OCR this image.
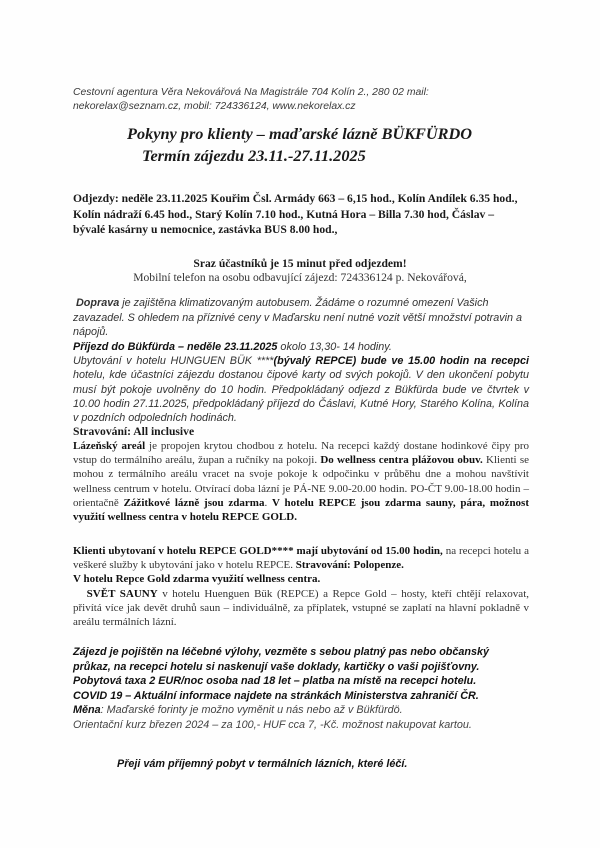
Cestovní agentura Věra Nekovářová Na Magistrále 704 Kolín 2., 280 02 mail:
nekorelax@seznam.cz, mobil: 724336124, www.nekorelax.cz
Pokyny pro klienty – maďarské lázně BÜKFÜRDO
Termín zájezdu 23.11.-27.11.2025

Odjezdy: neděle 23.11.2025 Kouřim Čsl. Armády 663 – 6,15 hod., Kolín Andílek 6.35 hod., Kolín nádraží 6.45 hod., Starý Kolín 7.10 hod., Kutná Hora – Billa 7.30 hod, Čáslav – bývalé kasárny u nemocnice, zastávka BUS 8.00 hod.,

Sraz účastníků je 15 minut před odjezdem!
Mobilní telefon na osobu odbavující zájezd: 724336124 p. Nekovářová,

Doprava je zajištěna klimatizovaným autobusem. Žádáme o rozumné omezení Vašich zavazadel. S ohledem na příznivé ceny v Maďarsku není nutné vozit větší množství potravin a nápojů.

Příjezd do Bükfürda – neděle 23.11.2025 okolo 13,30- 14 hodiny.
Ubytování v hotelu HUNGUEN BÜK ****(bývalý REPCE) bude ve 15.00 hodin na recepci hotelu, kde účastníci zájezdu dostanou čipové karty od svých pokojů. V den ukončení pobytu musí být pokoje uvolněny do 10 hodin. Předpokládaný odjezd z Bükfürda bude ve čtvrtek v 10.00 hodin 27.11.2025, předpokládaný příjezd do Čáslavi, Kutné Hory, Starého Kolína, Kolína v pozdních odpoledních hodinách.

Stravování: All inclusive

Lázeňský areál je propojen krytou chodbou z hotelu. Na recepci každý dostane hodinkové čipy pro vstup do termálního areálu, župan a ručníky na pokoji. Do wellness centra plážovou obuv. Klienti se mohou z termálního areálu vracet na svoje pokoje k odpočinku v průběhu dne a mohou navštívit wellness centrum v hotelu. Otvírací doba lázní je PÁ-NE 9.00-20.00 hodin. PO-ČT 9.00-18.00 hodin – orientačně Zážitkové lázně jsou zdarma. V hotelu REPCE jsou zdarma sauny, pára, možnost využití wellness centra v hotelu REPCE GOLD.

Klienti ubytovaní v hotelu REPCE GOLD**** mají ubytování od 15.00 hodin, na recepci hotelu a veškeré služby k ubytování jako v hotelu REPCE. Stravování: Polopenze.
V hotelu Repce Gold zdarma využití wellness centra.
SVĚT SAUNY v hotelu Huenguen Bük (REPCE) a Repce Gold – hosty, kteří chtějí relaxovat, přivítá více jak devět druhů saun – individuálně, za příplatek, vstupné se zaplatí na hlavní pokladně v areálu termálních lázní.

Zájezd je pojištěn na léčebné výlohy, vezměte s sebou platný pas nebo občanský průkaz, na recepci hotelu si naskenují vaše doklady, kartičky o vaši pojišťovny.
Pobytová taxa 2 EUR/noc osoba nad 18 let – platba na místě na recepci hotelu.
COVID 19 – Aktuální informace najdete na stránkách Ministerstva zahraničí ČR.
Měna: Maďarské forinty je možno vyměnit u nás nebo až v Bükfürdö.
Orientační kurz březen 2024 – za 100,- HUF cca 7, -Kč. možnost nakupovat kartou.
Přeji vám příjemný pobyt v termálních lázních, které léčí.
